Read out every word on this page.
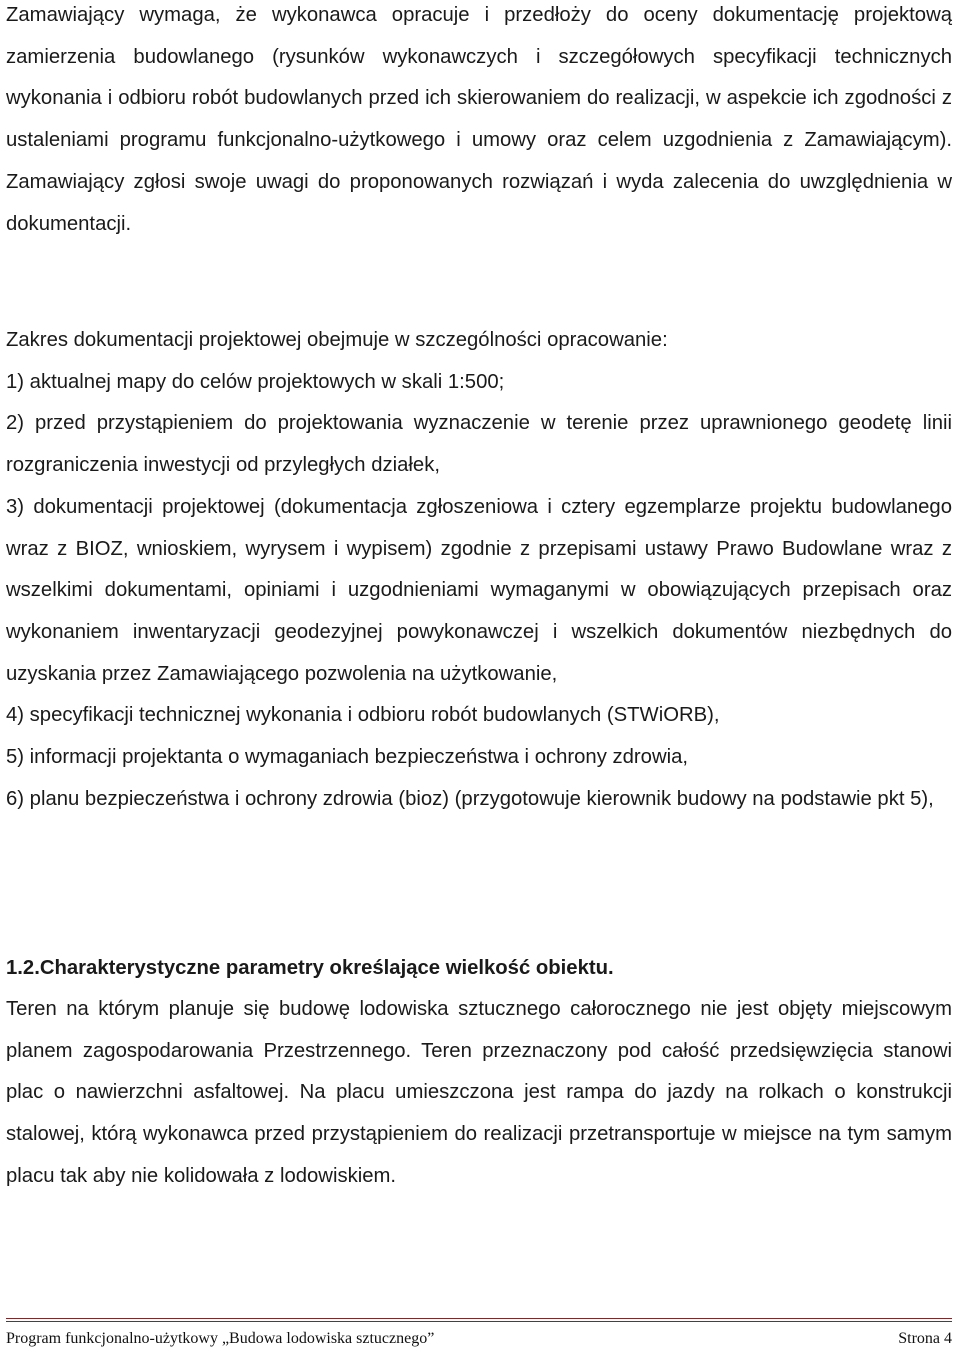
Zamawiający wymaga, że wykonawca opracuje i przedłoży do oceny dokumentację projektową zamierzenia budowlanego (rysunków wykonawczych i szczegółowych specyfikacji technicznych wykonania i odbioru robót budowlanych przed ich skierowaniem do realizacji, w aspekcie ich zgodności z ustaleniami programu funkcjonalno-użytkowego i umowy oraz celem uzgodnienia z Zamawiającym). Zamawiający zgłosi swoje uwagi do proponowanych rozwiązań i wyda zalecenia do uwzględnienia w dokumentacji.

Zakres dokumentacji projektowej obejmuje w szczególności opracowanie:

1) aktualnej mapy do celów projektowych w skali 1:500;

2) przed przystąpieniem do projektowania wyznaczenie w terenie przez uprawnionego geodetę linii rozgraniczenia inwestycji od przyległych działek,

3) dokumentacji projektowej (dokumentacja zgłoszeniowa i cztery egzemplarze projektu budowlanego wraz z BIOZ, wnioskiem, wyrysem i wypisem) zgodnie z przepisami ustawy Prawo Budowlane wraz z wszelkimi dokumentami, opiniami i uzgodnieniami wymaganymi w obowiązujących przepisach oraz wykonaniem inwentaryzacji geodezyjnej powykonawczej i wszelkich dokumentów niezbędnych do uzyskania przez Zamawiającego pozwolenia na użytkowanie,

4) specyfikacji technicznej wykonania i odbioru robót budowlanych (STWiORB),

5) informacji projektanta o wymaganiach bezpieczeństwa i ochrony zdrowia,

6) planu bezpieczeństwa i ochrony zdrowia (bioz) (przygotowuje kierownik budowy na podstawie pkt 5),

1.2.Charakterystyczne parametry określające wielkość obiektu.

Teren na którym planuje się budowę lodowiska sztucznego całorocznego nie jest objęty miejscowym planem zagospodarowania Przestrzennego. Teren przeznaczony pod całość przedsięwzięcia stanowi plac o nawierzchni asfaltowej. Na placu umieszczona jest rampa do jazdy na rolkach o konstrukcji stalowej, którą wykonawca przed przystąpieniem do realizacji przetransportuje w miejsce na tym samym placu tak aby nie kolidowała z lodowiskiem.

Program funkcjonalno-użytkowy „Budowa lodowiska sztucznego”	Strona 4
